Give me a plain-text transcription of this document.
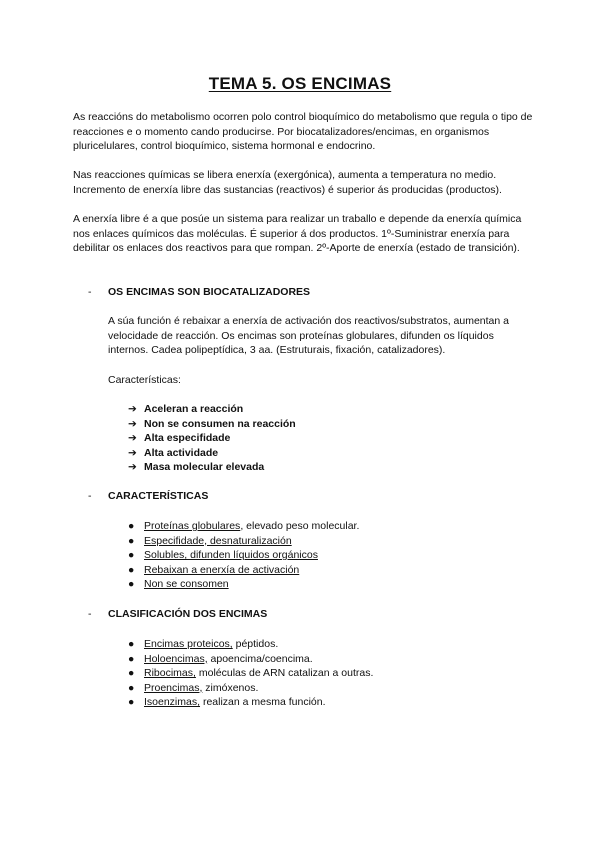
TEMA 5. OS ENCIMAS

As reaccións do metabolismo ocorren polo control bioquímico do metabolismo que regula o tipo de reacciones e o momento cando producirse. Por biocatalizadores/encimas, en organismos pluricelulares, control bioquímico, sistema hormonal e endocrino.

Nas reacciones químicas se libera enerxía (exergónica), aumenta a temperatura no medio. Incremento de enerxía libre das sustancias (reactivos) é superior ás producidas (productos).

A enerxía libre é a que posúe un sistema para realizar un traballo e depende da enerxía química nos enlaces químicos das moléculas. É superior á dos productos. 1º-Suministrar enerxía para debilitar os enlaces dos reactivos para que rompan. 2º-Aporte de enerxía (estado de transición).

- OS ENCIMAS SON BIOCATALIZADORES

A súa función é rebaixar a enerxía de activación dos reactivos/substratos, aumentan a velocidade de reacción. Os encimas son proteínas globulares, difunden os líquidos internos. Cadea polipeptídica, 3 aa. (Estruturais, fixación, catalizadores).

Características:

➔ Aceleran a reacción
➔ Non se consumen na reacción
➔ Alta especifidade
➔ Alta actividade
➔ Masa molecular elevada
- CARACTERÍSTICAS
● Proteínas globulares, elevado peso molecular.
● Especifidade, desnaturalización
● Solubles, difunden líquidos orgánicos
● Rebaixan a enerxía de activación
● Non se consomen
- CLASIFICACIÓN DOS ENCIMAS
● Encimas proteicos, péptidos.
● Holoencimas, apoencima/coencima.
● Ribocimas, moléculas de ARN catalizan a outras.
● Proencimas, zimóxenos.
● Isoenzimas, realizan a mesma función.
